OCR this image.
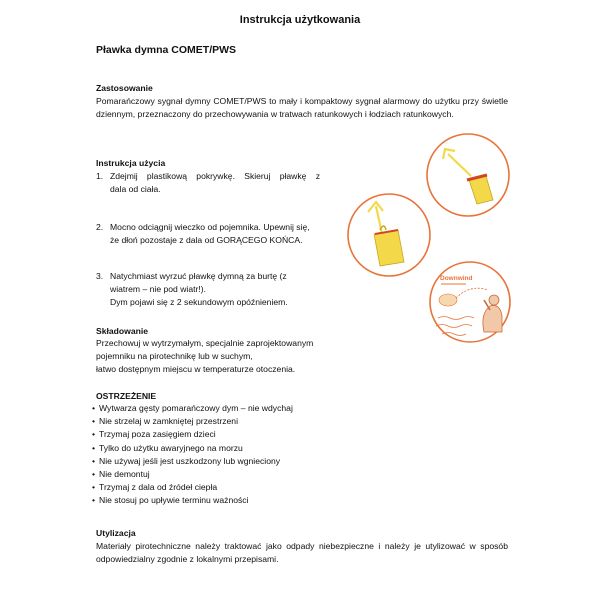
Instrukcja użytkowania
Pławka dymna COMET/PWS
Zastosowanie
Pomarańczowy sygnał dymny COMET/PWS to mały i kompaktowy sygnał alarmowy do użytku przy świetle dziennym, przeznaczony do przechowywania w tratwach ratunkowych i łodziach ratunkowych.
Instrukcja użycia
1. Zdejmij plastikową pokrywkę. Skieruj pławkę z
dala od ciała.
2. Mocno odciągnij wieczko od pojemnika. Upewnij się,
że dłoń pozostaje z dala od GORĄCEGO KOŃCA.
3. Natychmiast wyrzuć pławkę dymną za burtę (z
wiatrem – nie pod wiatr!).
Dym pojawi się z 2 sekundowym opóźnieniem.
Downwind
Składowanie
Przechowuj w wytrzymałym, specjalnie zaprojektowanym
pojemniku na pirotechnikę lub w suchym,
łatwo dostępnym miejscu w temperaturze otoczenia.
OSTRZEŻENIE
• Wytwarza gęsty pomarańczowy dym – nie wdychaj
• Nie strzelaj w zamkniętej przestrzeni
• Trzymaj poza zasięgiem dzieci
• Tylko do użytku awaryjnego na morzu
• Nie używaj jeśli jest uszkodzony lub wgnieciony
• Nie demontuj
• Trzymaj z dala od źródeł ciepła
• Nie stosuj po upływie terminu ważności
Utylizacja
Materiały pirotechniczne należy traktować jako odpady niebezpieczne i należy je utylizować w sposób odpowiedzialny zgodnie z lokalnymi przepisami.
